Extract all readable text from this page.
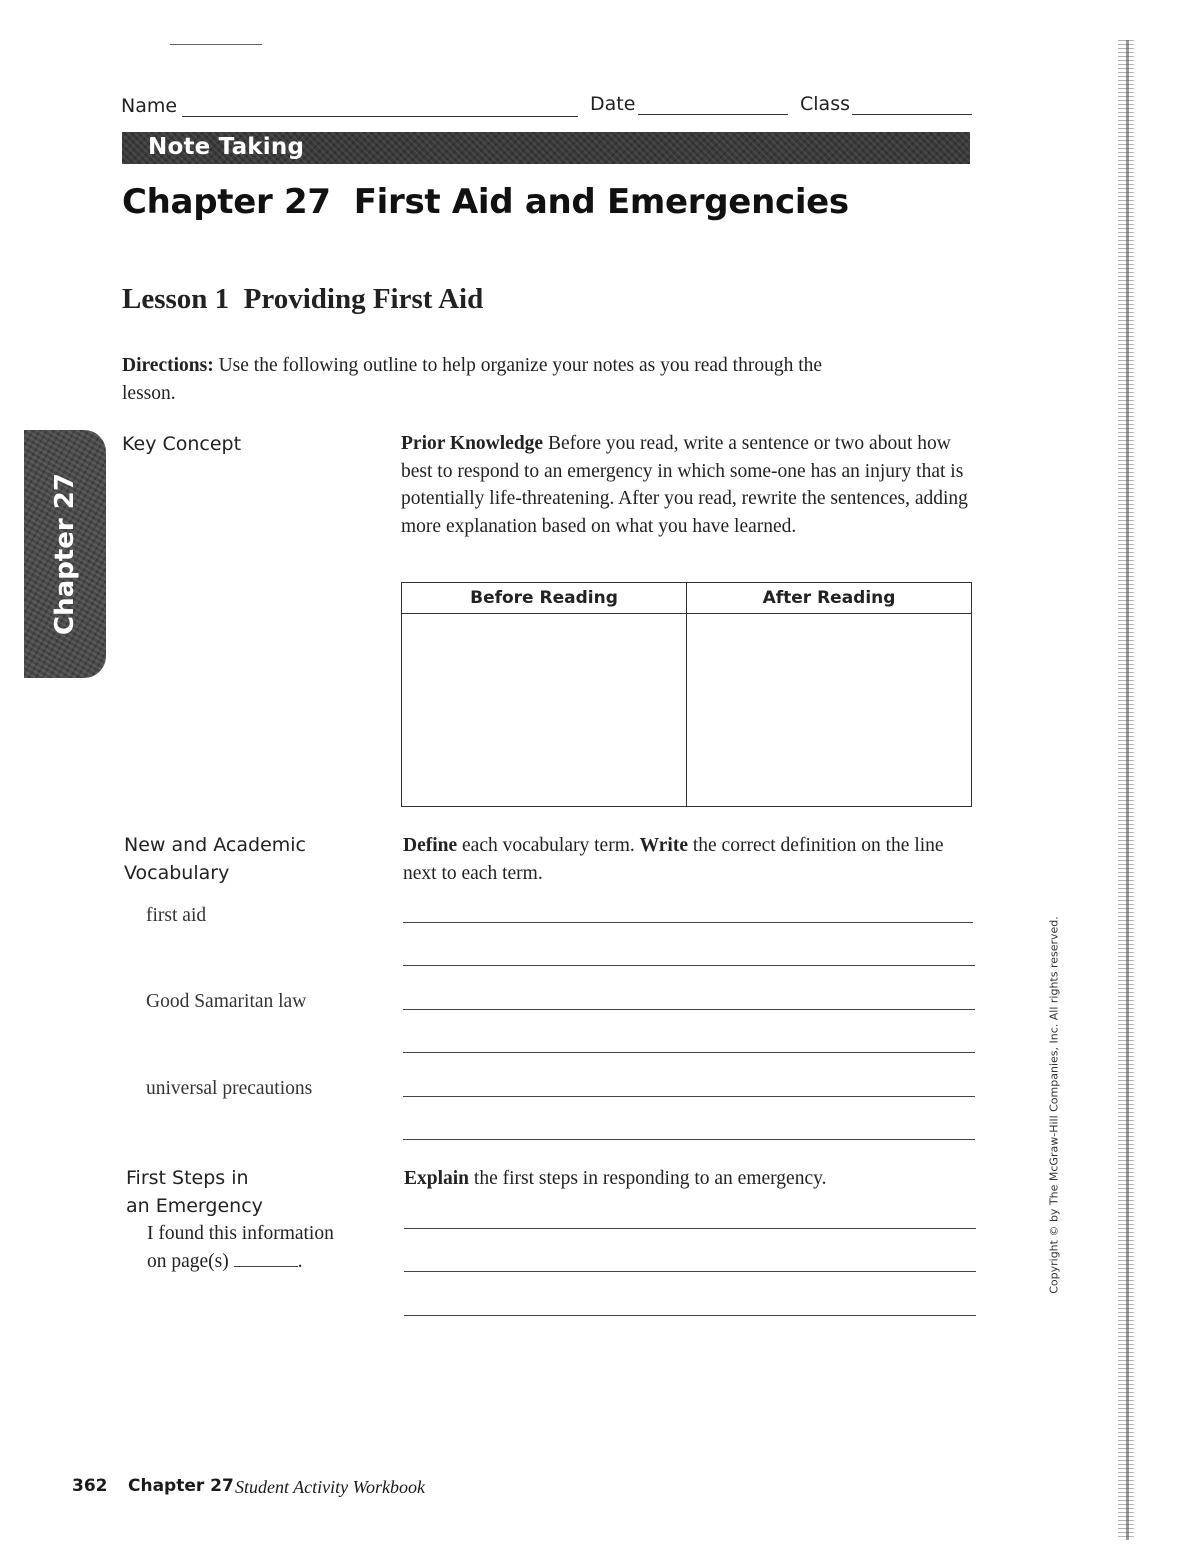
Name	Date	Class
Note Taking
Chapter 27  First Aid and Emergencies
Lesson 1  Providing First Aid
Directions: Use the following outline to help organize your notes as you read through the lesson.
Chapter 27
Key Concept	Prior Knowledge Before you read, write a sentence or two about how best to respond to an emergency in which some-one has an injury that is potentially life-threatening. After you read, rewrite the sentences, adding more explanation based on what you have learned.
Before Reading	After Reading

New and Academic
Vocabulary
Define each vocabulary term. Write the correct definition on the line next to each term.
first aid
Good Samaritan law
universal precautions
First Steps in
an Emergency
I found this information
on page(s)	.
Explain the first steps in responding to an emergency.	Copyright © by The McGraw-Hill Companies, Inc. All rights reserved.
362 Chapter 27 Student Activity Workbook
